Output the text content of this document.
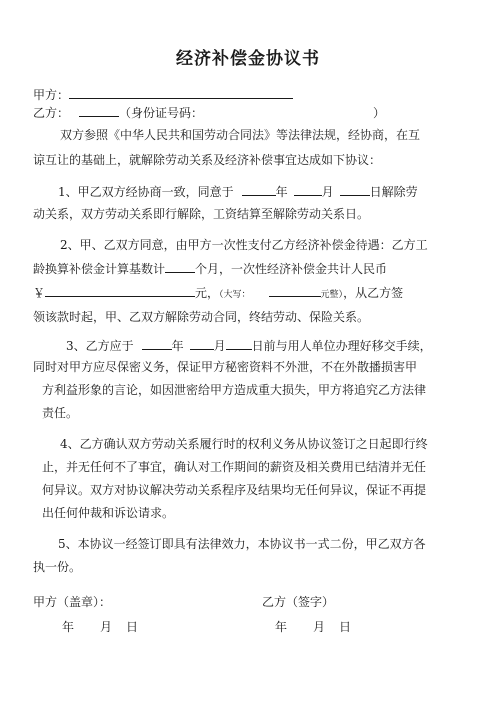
经济补偿金协议书
甲方：
乙方：	（身份证号码：	）
双方参照《中华人民共和国劳动合同法》等法律法规，经协商，在互
谅互让的基础上，就解除劳动关系及经济补偿事宜达成如下协议：
1、甲乙双方经协商一致，同意于	年	月	日解除劳
动关系，双方劳动关系即行解除，工资结算至解除劳动关系日。
2、甲、乙双方同意，由甲方一次性支付乙方经济补偿金待遇：乙方工
龄换算补偿金计算基数计	个月，一次性经济补偿金共计人民币
￥	元，（大写：	元整），从乙方签
领该款时起，甲、乙双方解除劳动合同，终结劳动、保险关系。
3、乙方应于	年	月 日前与用人单位办理好移交手续，
同时对甲方应尽保密义务，保证甲方秘密资料不外泄，不在外散播损害甲
方利益形象的言论，如因泄密给甲方造成重大损失，甲方将追究乙方法律
责任。
4、乙方确认双方劳动关系履行时的权利义务从协议签订之日起即行终
止，并无任何不了事宜，确认对工作期间的薪资及相关费用已结清并无任
何异议。双方对协议解决劳动关系程序及结果均无任何异议，保证不再提
出任何仲裁和诉讼请求。
5、本协议一经签订即具有法律效力，本协议书一式二份，甲乙双方各
执一份。
甲方（盖章）：	乙方（签字）
年 月 日	年 月 日
